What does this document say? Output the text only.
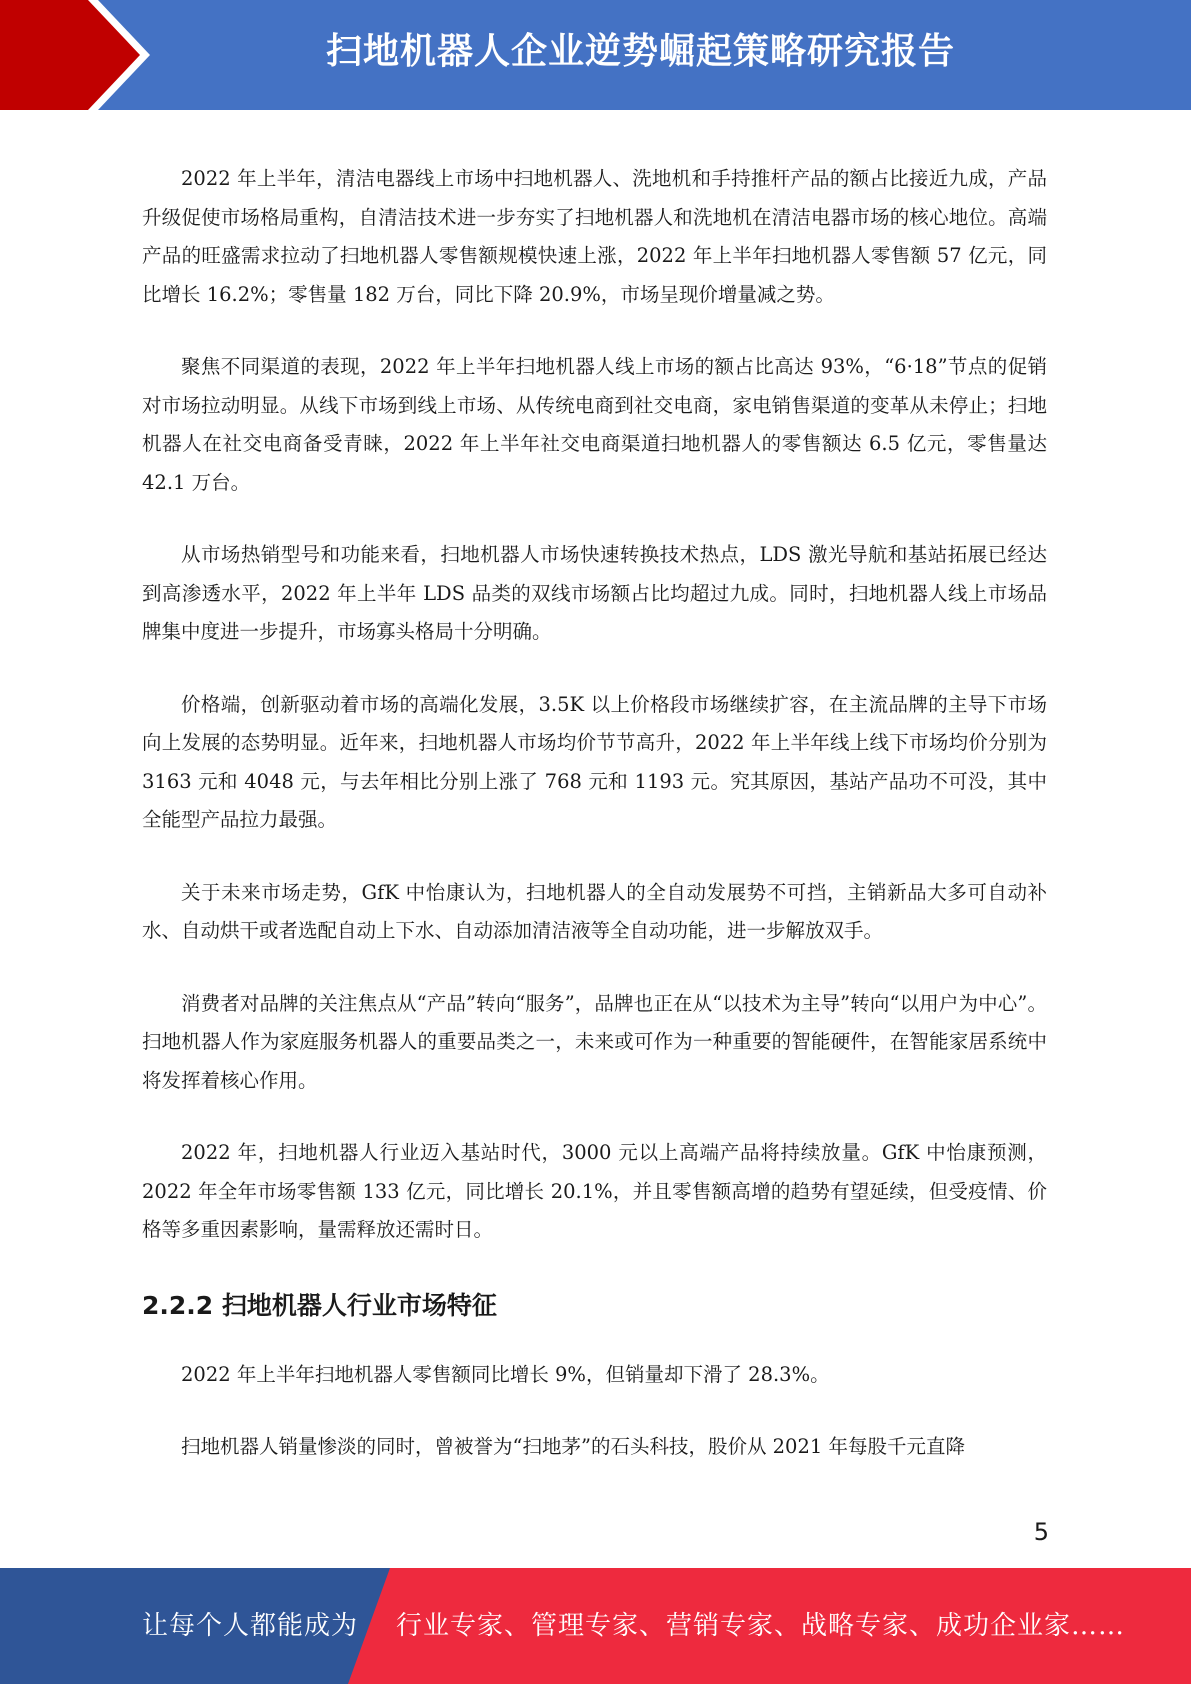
扫地机器人企业逆势崛起策略研究报告

2022 年上半年，清洁电器线上市场中扫地机器人、洗地机和手持推杆产品的额占比接近九成，产品升级促使市场格局重构，自清洁技术进一步夯实了扫地机器人和洗地机在清洁电器市场的核心地位。高端产品的旺盛需求拉动了扫地机器人零售额规模快速上涨，2022 年上半年扫地机器人零售额 57 亿元，同比增长 16.2%；零售量 182 万台，同比下降 20.9%，市场呈现价增量减之势。

聚焦不同渠道的表现，2022 年上半年扫地机器人线上市场的额占比高达 93%，“6·18”节点的促销对市场拉动明显。从线下市场到线上市场、从传统电商到社交电商，家电销售渠道的变革从未停止；扫地机器人在社交电商备受青睐，2022 年上半年社交电商渠道扫地机器人的零售额达 6.5 亿元，零售量达 42.1 万台。

从市场热销型号和功能来看，扫地机器人市场快速转换技术热点，LDS 激光导航和基站拓展已经达到高渗透水平，2022 年上半年 LDS 品类的双线市场额占比均超过九成。同时，扫地机器人线上市场品牌集中度进一步提升，市场寡头格局十分明确。

价格端，创新驱动着市场的高端化发展，3.5K 以上价格段市场继续扩容，在主流品牌的主导下市场向上发展的态势明显。近年来，扫地机器人市场均价节节高升，2022 年上半年线上线下市场均价分别为 3163 元和 4048 元，与去年相比分别上涨了 768 元和 1193 元。究其原因，基站产品功不可没，其中全能型产品拉力最强。

关于未来市场走势，GfK 中怡康认为，扫地机器人的全自动发展势不可挡，主销新品大多可自动补水、自动烘干或者选配自动上下水、自动添加清洁液等全自动功能，进一步解放双手。

消费者对品牌的关注焦点从“产品”转向“服务”，品牌也正在从“以技术为主导”转向“以用户为中心”。扫地机器人作为家庭服务机器人的重要品类之一，未来或可作为一种重要的智能硬件，在智能家居系统中将发挥着核心作用。

2022 年，扫地机器人行业迈入基站时代，3000 元以上高端产品将持续放量。GfK 中怡康预测，2022 年全年市场零售额 133 亿元，同比增长 20.1%，并且零售额高增的趋势有望延续，但受疫情、价格等多重因素影响，量需释放还需时日。

2.2.2 扫地机器人行业市场特征

2022 年上半年扫地机器人零售额同比增长 9%，但销量却下滑了 28.3%。

扫地机器人销量惨淡的同时，曾被誉为“扫地茅”的石头科技，股价从 2021 年每股千元直降

5
让每个人都能成为 行业专家、管理专家、营销专家、战略专家、成功企业家……
